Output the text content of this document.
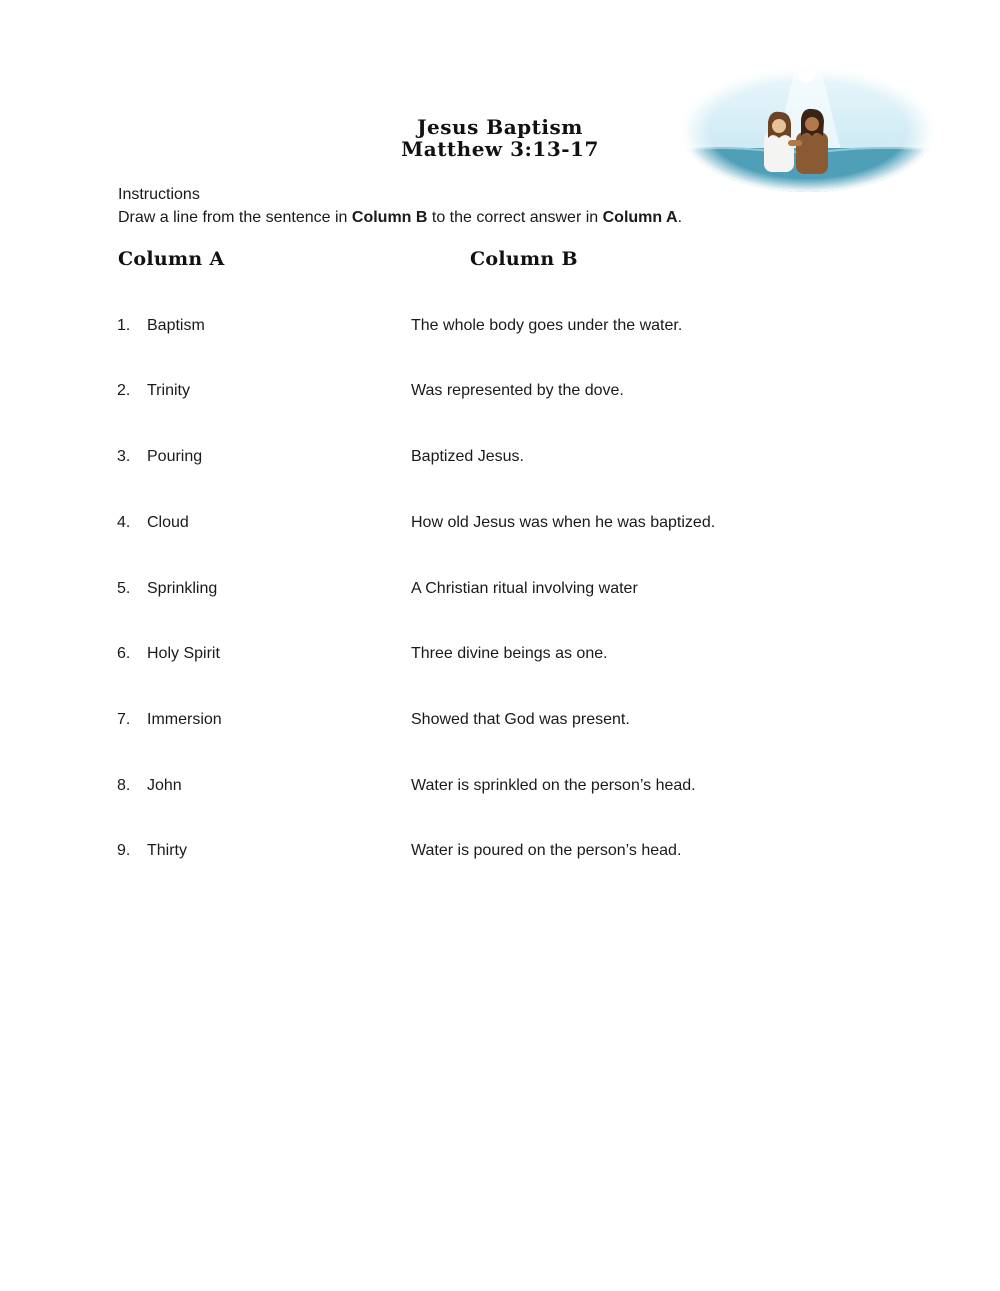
Jesus Baptism
Matthew 3:13-17
Instructions
Draw a line from the sentence in Column B to the correct answer in Column A.
Column A	Column B
1.	Baptism	The whole body goes under the water.
2.	Trinity	Was represented by the dove.
3.	Pouring	Baptized Jesus.
4.	Cloud	How old Jesus was when he was baptized.
5.	Sprinkling	A Christian ritual involving water
6.	Holy Spirit	Three divine beings as one.
7.	Immersion	Showed that God was present.
8.	John	Water is sprinkled on the person’s head.
9.	Thirty	Water is poured on the person’s head.
